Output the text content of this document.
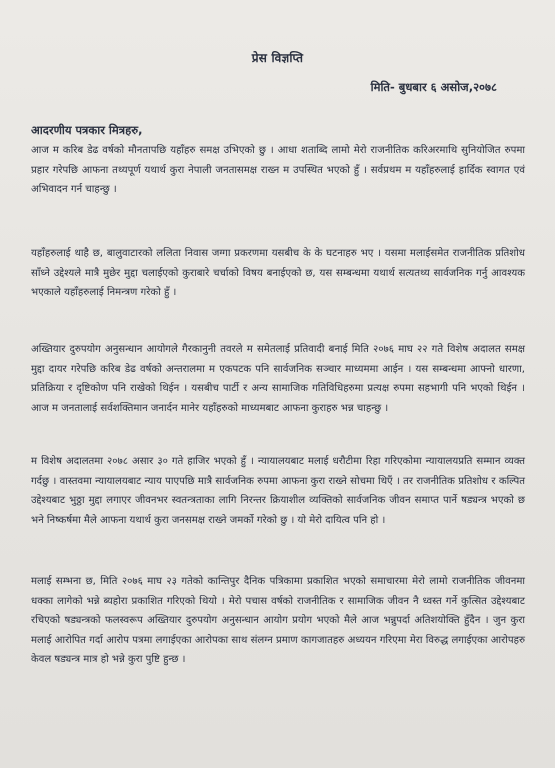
प्रेस विज्ञप्ति
मिति- बुधबार ६ असोज,२०७८
आदरणीय पत्रकार मित्रहरु,

आज म करिब डेढ वर्षको मौनतापछि यहाँहरु समक्ष उभिएको छु । आधा शताब्दि लामो मेरो राजनीतिक करिअरमाथि सुनियोजित रुपमा प्रहार गरेपछि आफना तथ्यपूर्ण यथार्थ कुरा नेपाली जनतासमक्ष राख्न म उपस्थित भएको हुँ । सर्वप्रथम म यहाँहरुलाई हार्दिक स्वागत एवं अभिवादन गर्न चाहन्छु ।

यहाँहरुलाई थाहै छ, बालुवाटारको ललिता निवास जग्गा प्रकरणमा यसबीच के के घटनाहरु भए । यसमा मलाईसमेत राजनीतिक प्रतिशोध साँध्ने उद्देश्यले मात्रै मुछेर मुद्दा चलाईएको कुराबारे चर्चाको विषय बनाईएको छ, यस सम्बन्धमा यथार्थ सत्यतथ्य सार्वजनिक गर्नु आवश्यक भएकाले यहाँहरुलाई निमन्त्रण गरेको हुँ ।

अख्तियार दुरुपयोग अनुसन्धान आयोगले गैरकानुनी तवरले म समेतलाई प्रतिवादी बनाई मिति २०७६ माघ २२ गते विशेष अदालत समक्ष मुद्दा दायर गरेपछि करिब डेढ वर्षको अन्तरालमा म एकपटक पनि सार्वजनिक सञ्चार माध्यममा आईन । यस सम्बन्धमा आफ्नो धारणा, प्रतिक्रिया र दृष्टिकोण पनि राखेको थिईन । यसबीच पार्टी र अन्य सामाजिक गतिविधिहरुमा प्रत्यक्ष रुपमा सहभागी पनि भएको थिईन । आज म जनतालाई सर्वशक्तिमान जनार्दन मानेर यहाँहरुको माध्यमबाट आफना कुराहरु भन्न चाहन्छु ।

म विशेष अदालतमा २०७८ असार ३० गते हाजिर भएको हुँ । न्यायालयबाट मलाई धरौटीमा रिहा गरिएकोमा न्यायालयप्रति सम्मान व्यक्त गर्दछु । वास्तवमा न्यायालयबाट न्याय पाएपछि मात्रै सार्वजनिक रुपमा आफना कुरा राख्ने सोचमा थिएँ । तर राजनीतिक प्रतिशोध र कल्पित उद्देश्यबाट भुठ्ठा मुद्दा लगाएर जीवनभर स्वतन्त्रताका लागि निरन्तर क्रियाशील व्यक्तिको सार्वजनिक जीवन समाप्त पार्ने षड्यन्त्र भएको छ भने निष्कर्षमा मैले आफना यथार्थ कुरा जनसमक्ष राख्ने जमर्को गरेको छु । यो मेरो दायित्व पनि हो ।

मलाई सम्भना छ, मिति २०७६ माघ २३ गतेको कान्तिपुर दैनिक पत्रिकामा प्रकाशित भएको समाचारमा मेरो लामो राजनीतिक जीवनमा धक्का लागेको भन्ने ब्यहोरा प्रकाशित गरिएको थियो । मेरो पचास वर्षको राजनीतिक र सामाजिक जीवन नै ध्वस्त गर्ने कुत्सित उद्देश्यबाट रचिएको षड्यन्त्रको फलस्वरूप अख्तियार दुरुपयोग अनुसन्धान आयोग प्रयोग भएको मैले आज भन्नुपर्दा अतिशयोक्ति हुँदैन । जुन कुरा मलाई आरोपित गर्दा आरोप पत्रमा लगाईएका आरोपका साथ संलग्न प्रमाण कागजातहरु अध्ययन गरिएमा मेरा विरुद्ध लगाईएका आरोपहरु केवल षड्यन्त्र मात्र हो भन्ने कुरा पुष्टि हुन्छ ।
